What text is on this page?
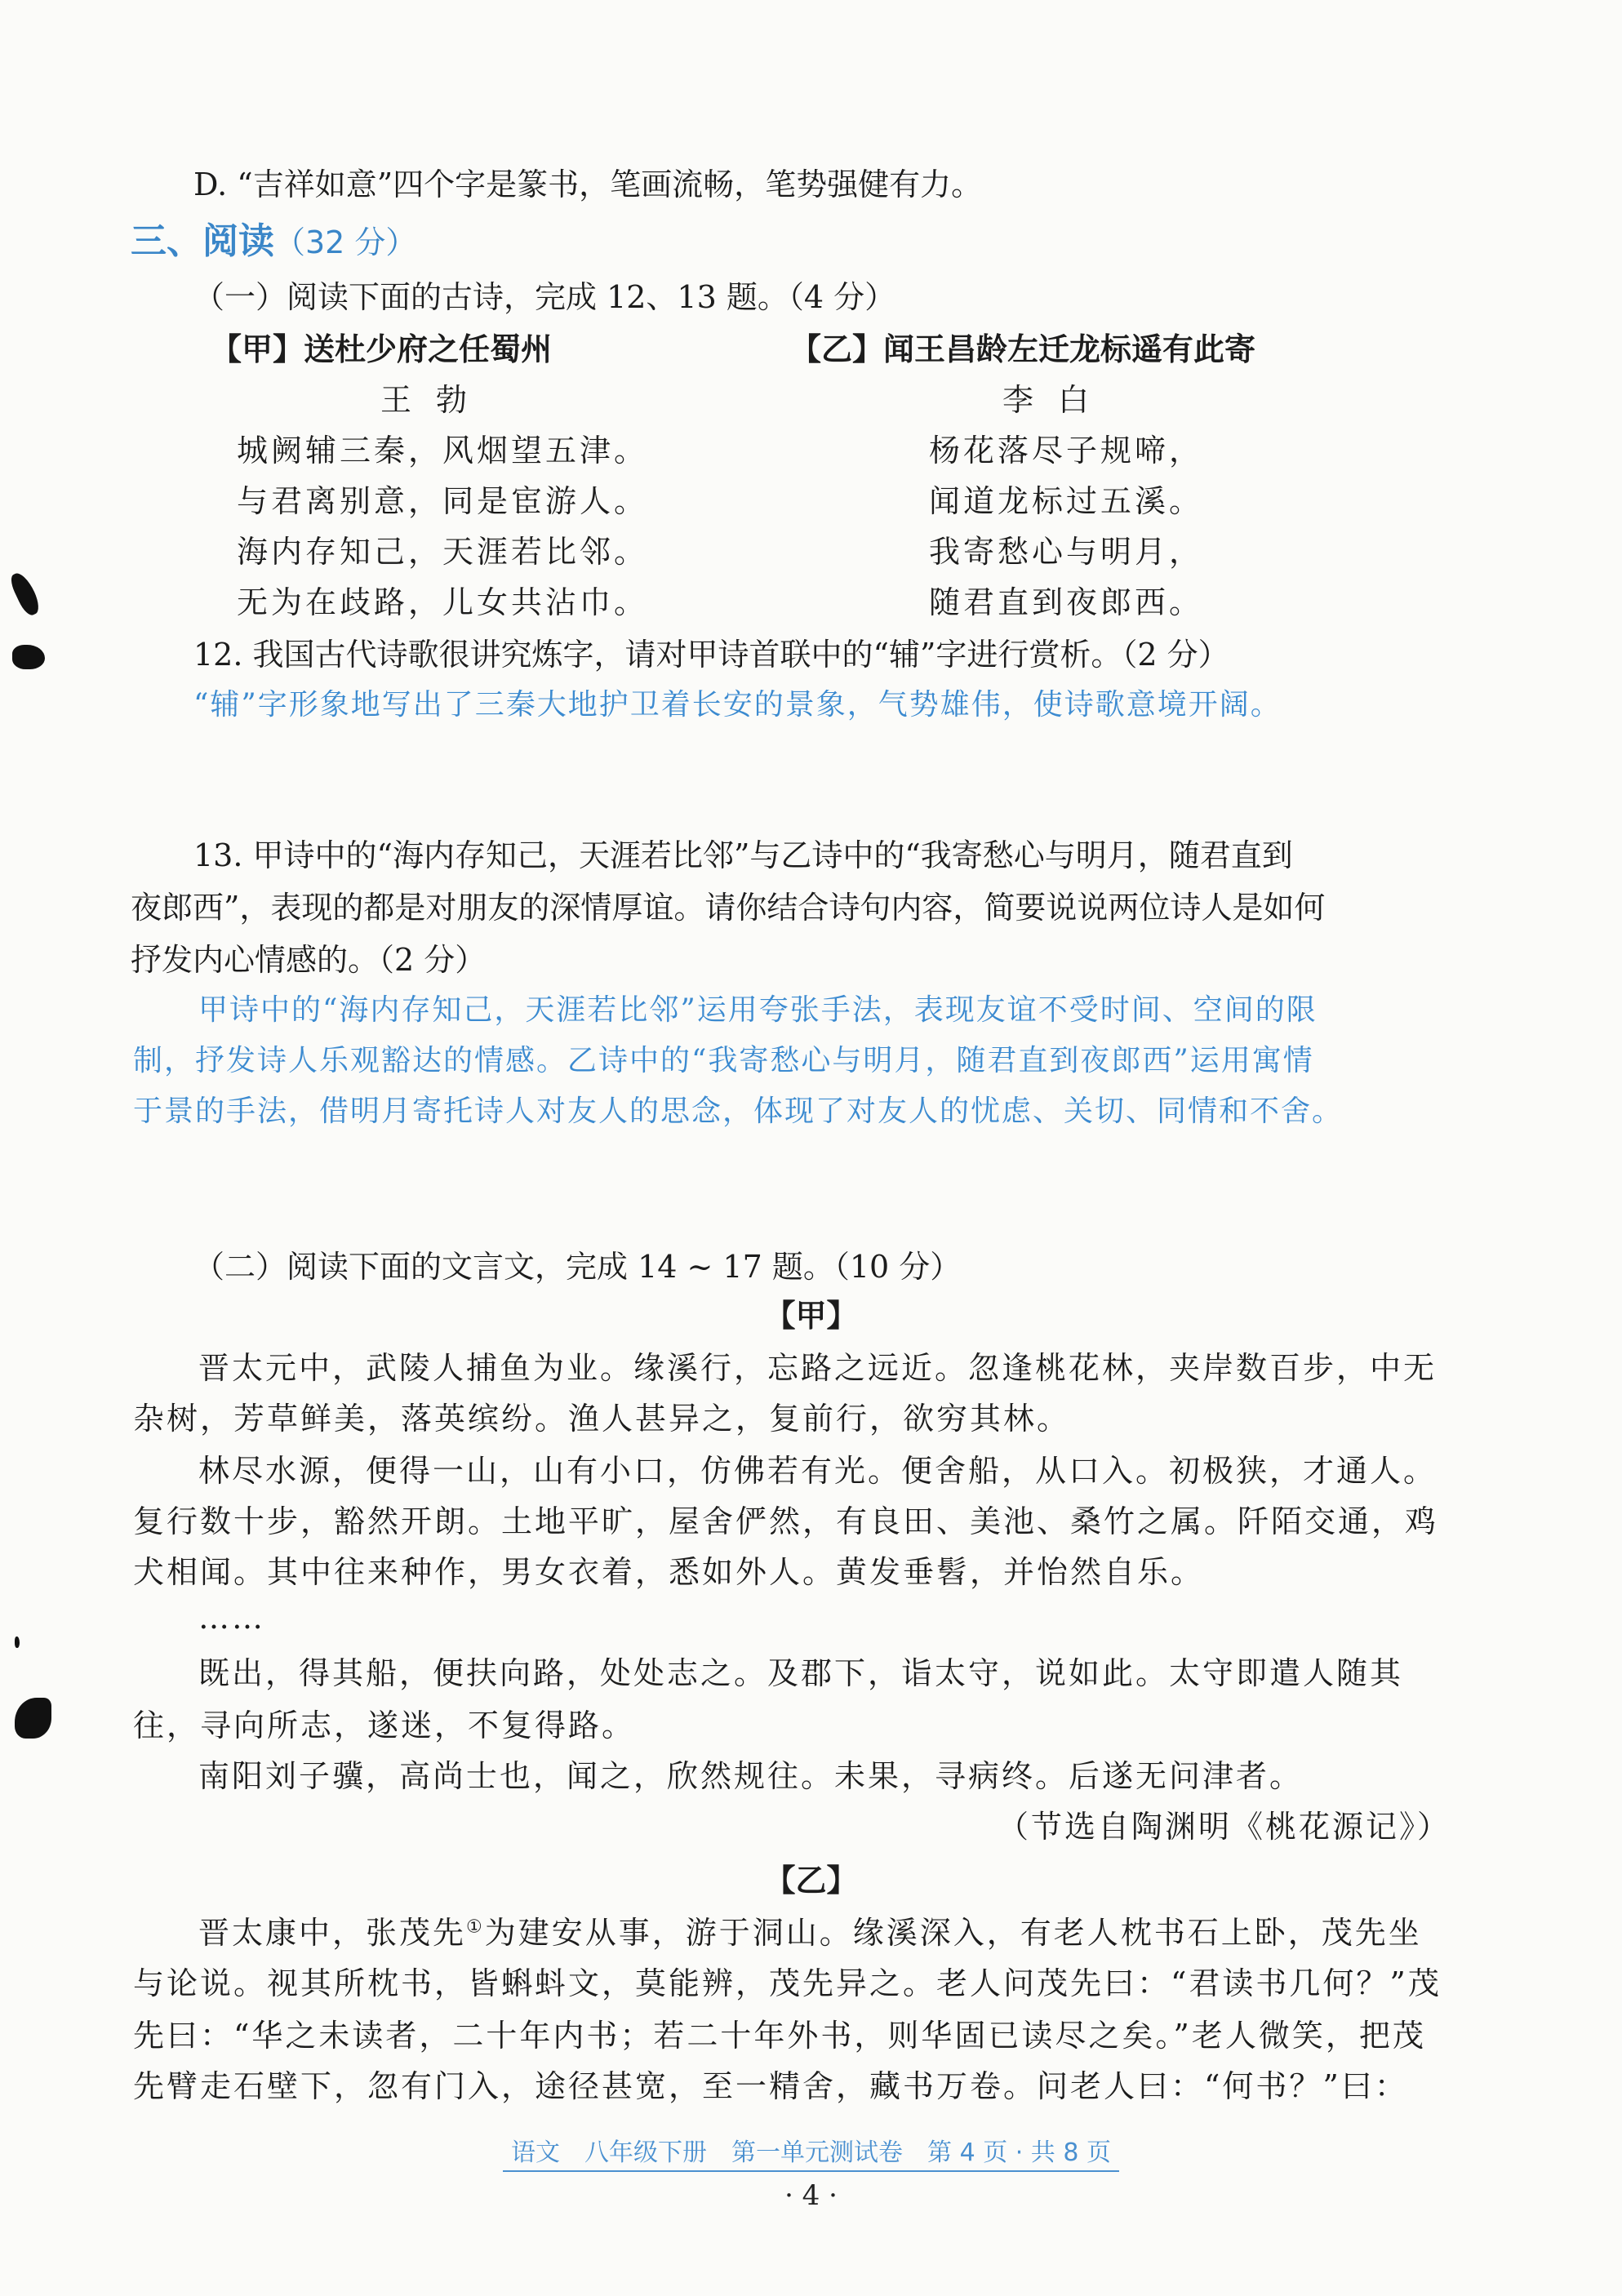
D. “吉祥如意”四个字是篆书，笔画流畅，笔势强健有力。
三、阅读（32 分）
（一）阅读下面的古诗，完成 12、13 题。（4 分）
【甲】送杜少府之任蜀州
王勃
城阙辅三秦，风烟望五津。
与君离别意，同是宦游人。
海内存知己，天涯若比邻。
无为在歧路，儿女共沾巾。
【乙】闻王昌龄左迁龙标遥有此寄
李白
杨花落尽子规啼，
闻道龙标过五溪。
我寄愁心与明月，
随君直到夜郎西。
12. 我国古代诗歌很讲究炼字，请对甲诗首联中的“辅”字进行赏析。（2 分）
“辅”字形象地写出了三秦大地护卫着长安的景象，气势雄伟，使诗歌意境开阔。
13. 甲诗中的“海内存知己，天涯若比邻”与乙诗中的“我寄愁心与明月，随君直到
夜郎西”，表现的都是对朋友的深情厚谊。请你结合诗句内容，简要说说两位诗人是如何
抒发内心情感的。（2 分）
甲诗中的“海内存知己，天涯若比邻”运用夸张手法，表现友谊不受时间、空间的限
制，抒发诗人乐观豁达的情感。乙诗中的“我寄愁心与明月，随君直到夜郎西”运用寓情
于景的手法，借明月寄托诗人对友人的思念，体现了对友人的忧虑、关切、同情和不舍。
（二）阅读下面的文言文，完成 14 ~ 17 题。（10 分）
【甲】
晋太元中，武陵人捕鱼为业。缘溪行，忘路之远近。忽逢桃花林，夹岸数百步，中无
杂树，芳草鲜美，落英缤纷。渔人甚异之，复前行，欲穷其林。
林尽水源，便得一山，山有小口，仿佛若有光。便舍船，从口入。初极狭，才通人。
复行数十步，豁然开朗。土地平旷，屋舍俨然，有良田、美池、桑竹之属。阡陌交通，鸡
犬相闻。其中往来种作，男女衣着，悉如外人。黄发垂髫，并怡然自乐。
……
既出，得其船，便扶向路，处处志之。及郡下，诣太守，说如此。太守即遣人随其
往，寻向所志，遂迷，不复得路。
南阳刘子骥，高尚士也，闻之，欣然规往。未果，寻病终。后遂无问津者。
（节选自陶渊明《桃花源记》）
【乙】
晋太康中，张茂先①为建安从事，游于洞山。缘溪深入，有老人枕书石上卧，茂先坐
与论说。视其所枕书，皆蝌蚪文，莫能辨，茂先异之。老人问茂先曰：“君读书几何？”茂
先曰：“华之未读者，二十年内书；若二十年外书，则华固已读尽之矣。”老人微笑，把茂
先臂走石壁下，忽有门入，途径甚宽，至一精舍，藏书万卷。问老人曰：“何书？”曰：
语文　八年级下册　第一单元测试卷　第 4 页 · 共 8 页
· 4 ·
